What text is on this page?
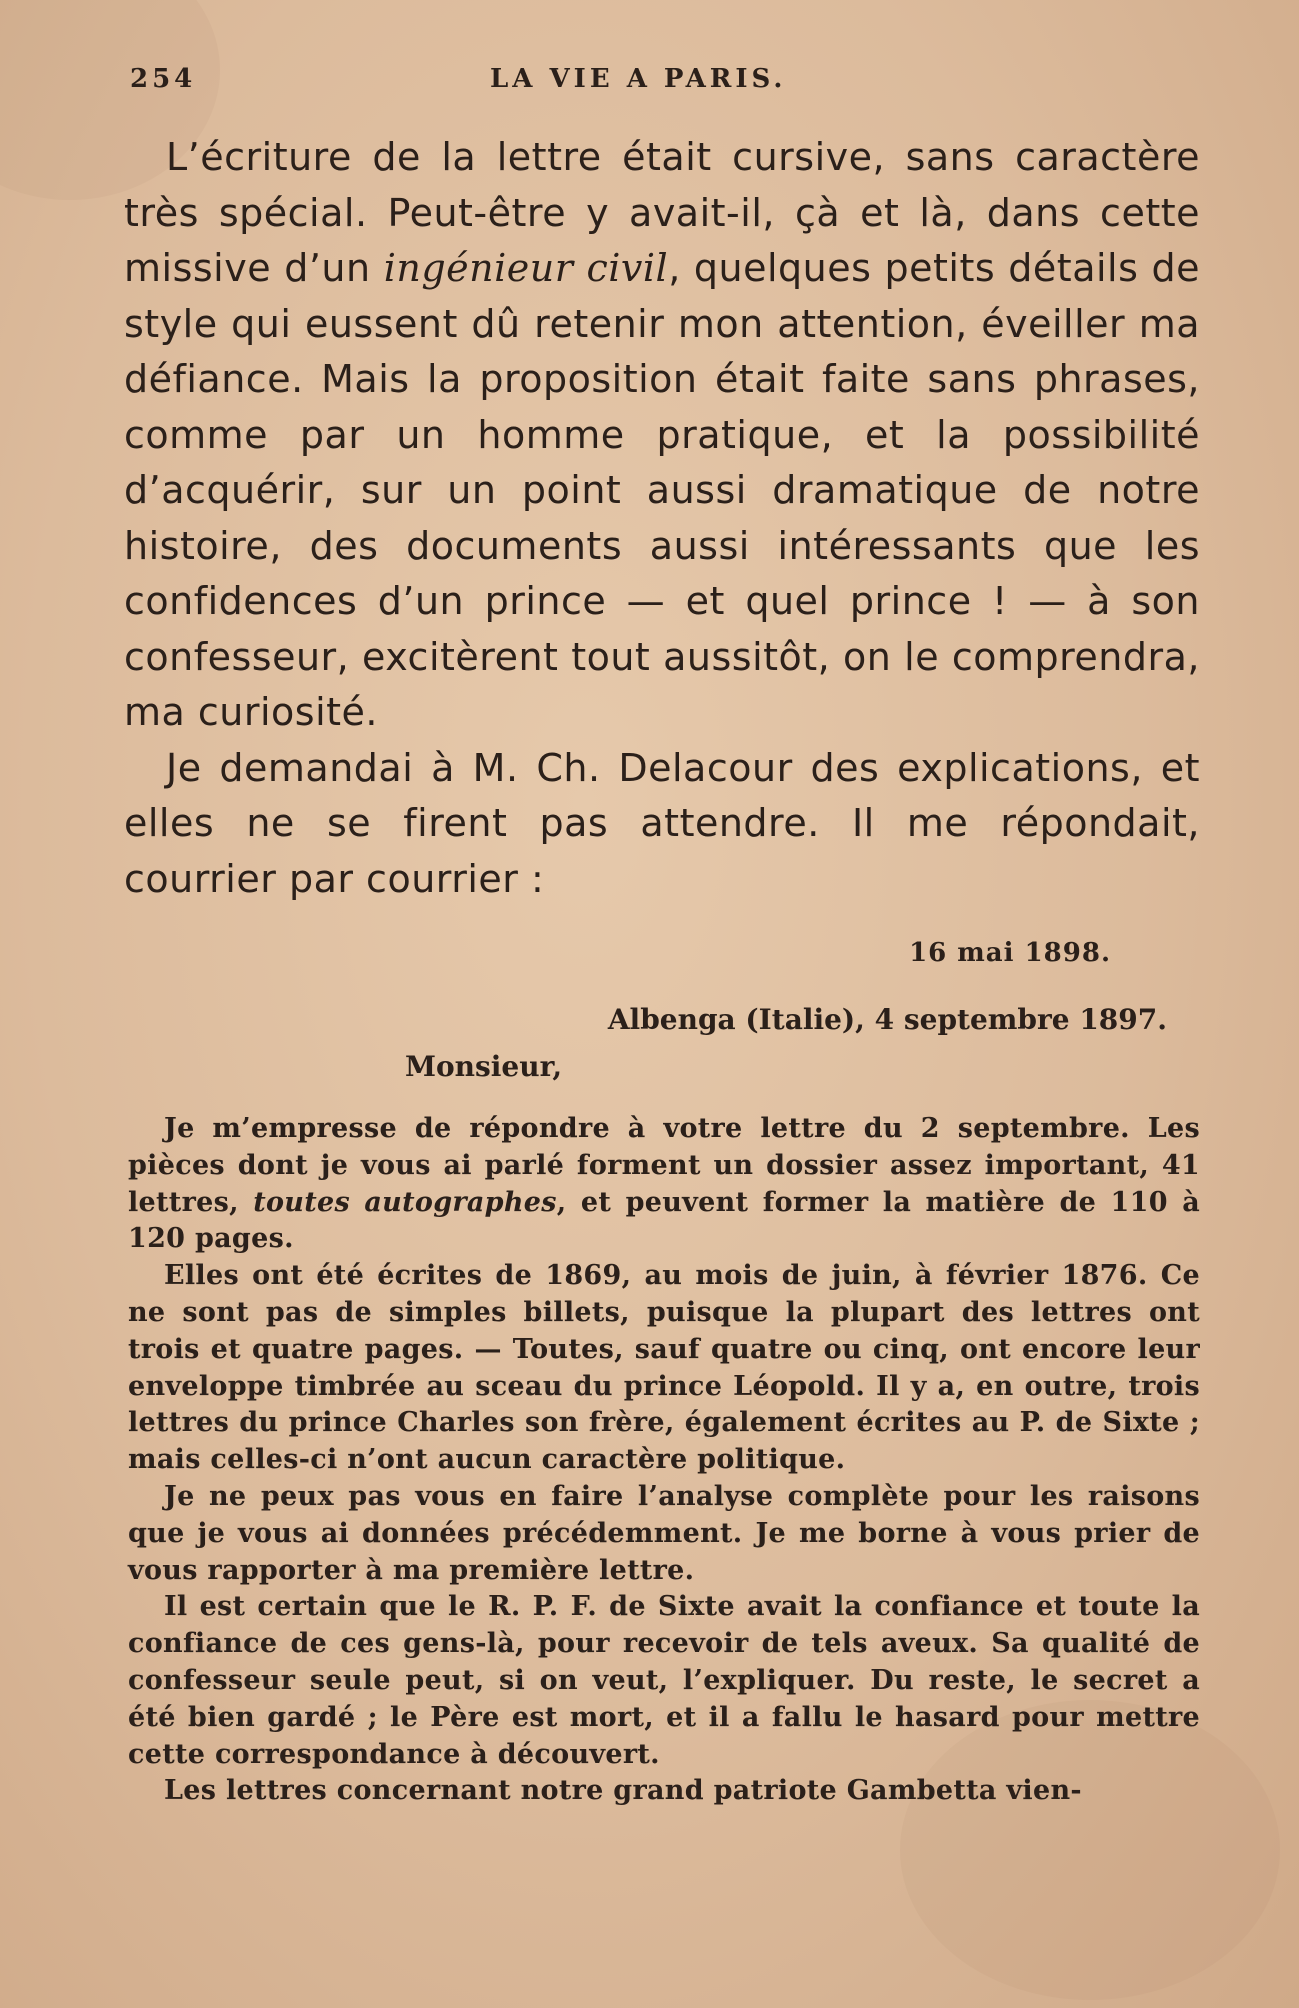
254	LA VIE A PARIS.

L’écriture de la lettre était cursive, sans caractère très spécial. Peut-être y avait-il, çà et là, dans cette missive d’un ingénieur civil, quelques petits détails de style qui eussent dû retenir mon attention, éveiller ma défiance. Mais la proposition était faite sans phrases, comme par un homme pratique, et la possibilité d’acquérir, sur un point aussi dramatique de notre histoire, des documents aussi intéressants que les confidences d’un prince — et quel prince ! — à son confesseur, excitèrent tout aussitôt, on le comprendra, ma curiosité.

Je demandai à M. Ch. Delacour des explications, et elles ne se firent pas attendre. Il me répondait, courrier par courrier :

16 mai 1898.
Albenga (Italie), 4 septembre 1897.
Monsieur,

Je m’empresse de répondre à votre lettre du 2 septembre. Les pièces dont je vous ai parlé forment un dossier assez important, 41 lettres, toutes autographes, et peuvent former la matière de 110 à 120 pages.

Elles ont été écrites de 1869, au mois de juin, à février 1876. Ce ne sont pas de simples billets, puisque la plupart des lettres ont trois et quatre pages. — Toutes, sauf quatre ou cinq, ont encore leur enveloppe timbrée au sceau du prince Léopold. Il y a, en outre, trois lettres du prince Charles son frère, également écrites au P. de Sixte ; mais celles-ci n’ont aucun caractère politique.

Je ne peux pas vous en faire l’analyse complète pour les raisons que je vous ai données précédemment. Je me borne à vous prier de vous rapporter à ma première lettre.

Il est certain que le R. P. F. de Sixte avait la confiance et toute la confiance de ces gens-là, pour recevoir de tels aveux. Sa qualité de confesseur seule peut, si on veut, l’expliquer. Du reste, le secret a été bien gardé ; le Père est mort, et il a fallu le hasard pour mettre cette correspondance à découvert.

Les lettres concernant notre grand patriote Gambetta vien-
